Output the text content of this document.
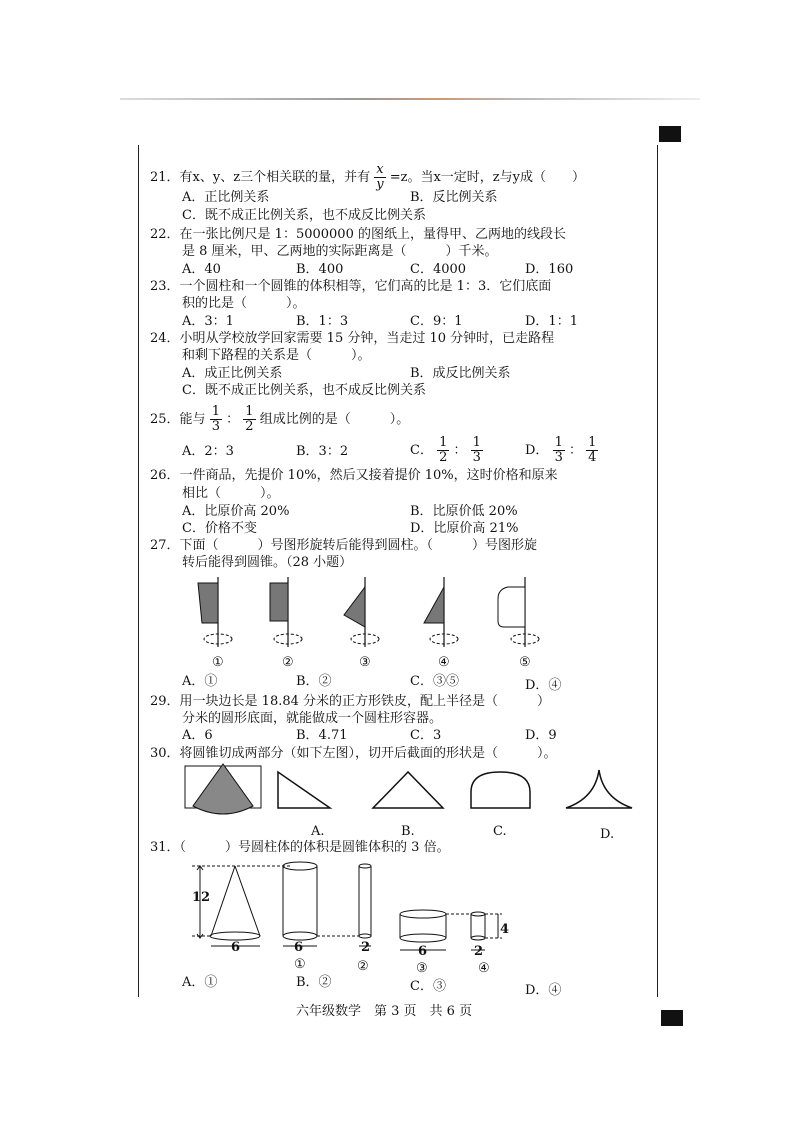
21．有x、y、z三个相关联的量，并有 $\frac{x}{y} =z$。当x一定时，z与y成（　　）
A．正比例关系	B．反比例关系
C．既不成正比例关系，也不成反比例关系
22．在一张比例尺是 1：5000000 的图纸上，量得甲、乙两地的线段长
是 8 厘米，甲、乙两地的实际距离是（　　　）千米。
A．40	B．400	C．4000	D．160
23．一个圆柱和一个圆锥的体积相等，它们高的比是 1：3．它们底面
积的比是（　　　）。
A．3：1	B．1：3	C．9：1	D．1：1
24．小明从学校放学回家需要 15 分钟，当走过 10 分钟时，已走路程
和剩下路程的关系是（　　　）。
A．成正比例关系	B．成反比例关系
C．既不成正比例关系，也不成反比例关系
25．能与 $\frac{1}{3}$ ： $\frac{1}{2}$ 组成比例的是（　　　）。
A．2：3	B．3：2	C． $\frac{1}{2}$ ： $\frac{1}{3}$	D． $\frac{1}{3}$ ： $\frac{1}{4}$
26．一件商品，先提价 10%，然后又接着提价 10%，这时价格和原来
相比（　　　）。
A．比原价高 20%	B．比原价低 20%
C．价格不变	D．比原价高 21%
27．下面（　　　）号图形旋转后能得到圆柱。（　　　）号图形旋
转后能得到圆锥。（28 小题）
①	②	③	④	⑤
A．①	B．②	C．③⑤	D．④
29．用一块边长是 18.84 分米的正方形铁皮，配上半径是（　　　）
分米的圆形底面，就能做成一个圆柱形容器。
A．6	B．4.71	C．3	D．9
30．将圆锥切成两部分（如下左图），切开后截面的形状是（　　　）。
A.	B.	C.	D.
31．（　　　）号圆柱体的体积是圆锥体积的 3 倍。
12
4
6	6	2	6	2
①	②	③	④
A．①	B．②	C．③	D．④
六年级数学　第 3 页　共 6 页
